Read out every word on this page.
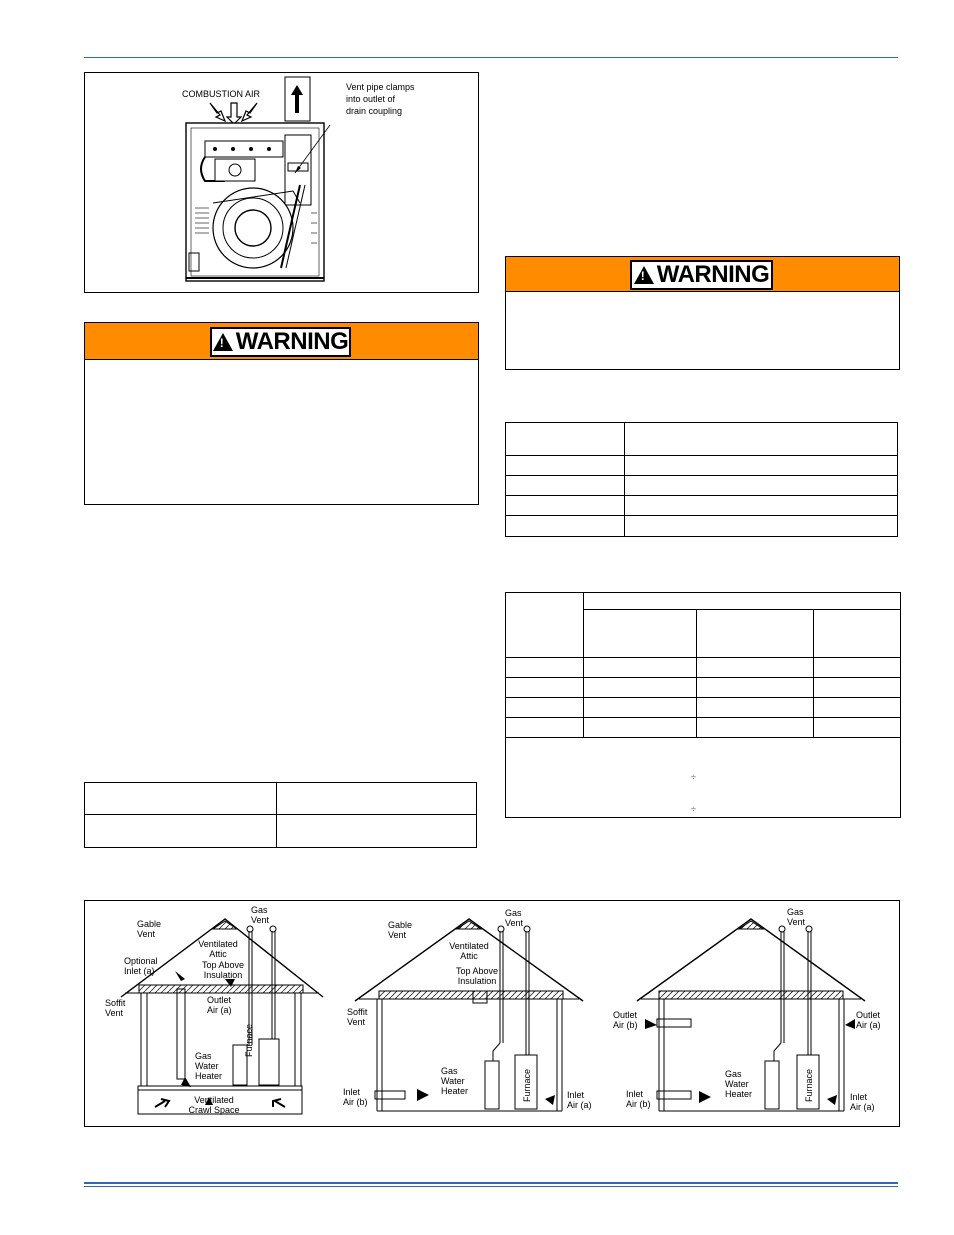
COMBUSTION AIR
Vent pipe clamps
into outlet of
drain coupling
!
WARNING
!
WARNING

÷
÷
Gable
Vent
Gas
Vent
Ventilated
Attic
Top Above
Insulation
Optional
Inlet (a)
Soffit
Vent
Outlet
Air (a)
Gas
Water
Heater
Furnace
Ventilated
Crawl Space
Gable
Vent
Gas
Vent
Ventilated
Attic
Top Above
Insulation
Soffit
Vent
Gas
Water
Heater	Furnace
Inlet
Air (b)
Inlet
Air (a)
Gas
Vent
Outlet
Air (b)
Outlet
Air (a)
Gas
Water
Heater	Furnace
Inlet
Air (b)
Inlet
Air (a)
